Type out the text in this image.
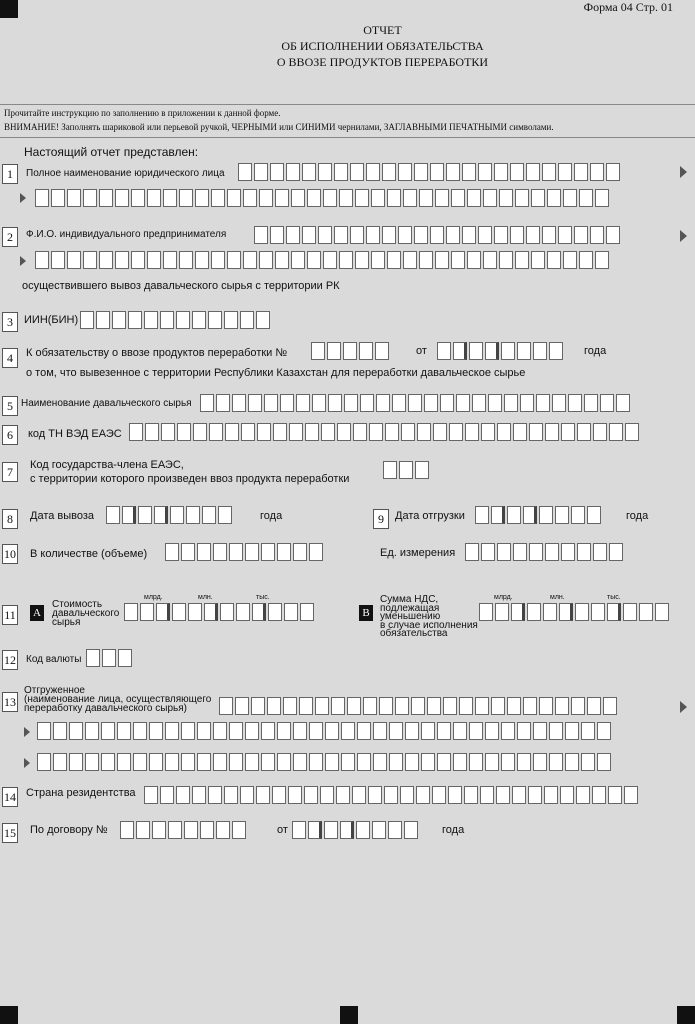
Форма 04 Стр. 01
ОТЧЕТ
ОБ ИСПОЛНЕНИИ ОБЯЗАТЕЛЬСТВА
О ВВОЗЕ ПРОДУКТОВ ПЕРЕРАБОТКИ
Прочитайте инструкцию по заполнению в приложении к данной форме.
ВНИМАНИЕ! Заполнять шариковой или перьевой ручкой, ЧЕРНЫМИ или СИНИМИ чернилами, ЗАГЛАВНЫМИ ПЕЧАТНЫМИ символами.
Настоящий отчет представлен:
1	Полное наименование юридического лица
2	Ф.И.О. индивидуального предпринимателя
осуществившего вывоз давальческого сырья с территории РК
3	ИИН(БИН)
4	К обязательству о ввозе продуктов переработки №	от	года
о том, что вывезенное с территории Республики Казахстан для переработки давальческое сырье
5 Наименование давальческого сырья
6	код ТН ВЭД ЕАЭС
7	Код государства-члена ЕАЭС,
с территории которого произведен ввоз продукта переработки
8	Дата вывоза	года	9	Дата отгрузки	года
10 В количестве (объеме)	Ед. измерения
11 A
Стоимость
давальческого
сырья
млрд.	млн.	тыс.
B
Сумма НДС,
подлежащая
уменьшению
в случае исполнения
обязательства
млрд.	млн.	тыс.
12 Код валюты
13
Отгруженное
(наименование лица, осуществляющего
переработку давальческого сырья)
14 Страна резидентства
15 По договору №	от	года
